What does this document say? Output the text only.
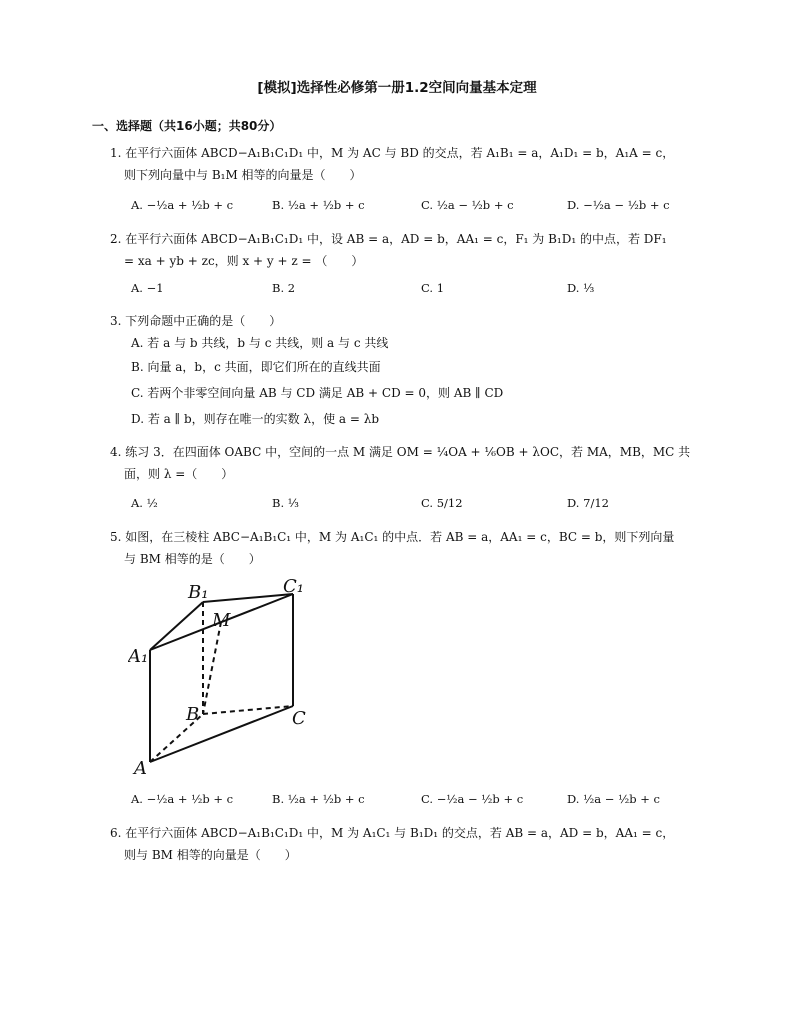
[模拟]选择性必修第一册1.2空间向量基本定理
一、选择题（共16小题；共80分）
1. 在平行六面体 ABCD−A₁B₁C₁D₁ 中，M 为 AC 与 BD 的交点，若 A₁B₁ = a，A₁D₁ = b，A₁A = c，
则下列向量中与 B₁M 相等的向量是（　　）
A. −½a + ½b + c	B. ½a + ½b + c	C. ½a − ½b + c	D. −½a − ½b + c
2. 在平行六面体 ABCD−A₁B₁C₁D₁ 中，设 AB = a，AD = b，AA₁ = c，F₁ 为 B₁D₁ 的中点，若 DF₁
= xa + yb + zc，则 x + y + z = （　　）
A. −1	B. 2	C. 1	D. ⅓
3. 下列命题中正确的是（　　）
A. 若 a 与 b 共线，b 与 c 共线，则 a 与 c 共线
B. 向量 a，b，c 共面，即它们所在的直线共面
C. 若两个非零空间向量 AB 与 CD 满足 AB + CD = 0，则 AB ∥ CD
D. 若 a ∥ b，则存在唯一的实数 λ，使 a = λb
4. 练习 3．在四面体 OABC 中，空间的一点 M 满足 OM = ¼OA + ⅙OB + λOC，若 MA，MB，MC 共
面，则 λ =（　　）
A. ½	B. ⅓	C. 5/12	D. 7/12
5. 如图，在三棱柱 ABC−A₁B₁C₁ 中，M 为 A₁C₁ 的中点．若 AB = a，AA₁ = c，BC = b，则下列向量
与 BM 相等的是（　　）
A₁
B₁	C₁
M
B	C
A
A. −½a + ½b + c	B. ½a + ½b + c	C. −½a − ½b + c	D. ½a − ½b + c
6. 在平行六面体 ABCD−A₁B₁C₁D₁ 中，M 为 A₁C₁ 与 B₁D₁ 的交点，若 AB = a，AD = b，AA₁ = c，
则与 BM 相等的向量是（　　）
